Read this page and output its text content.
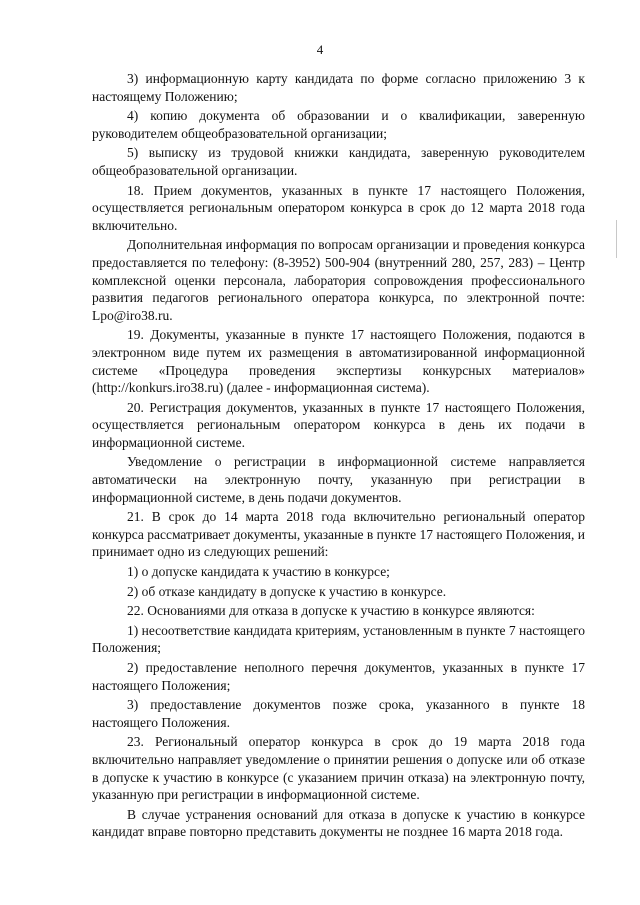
4

3) информационную карту кандидата по форме согласно приложению 3 к настоящему Положению;

4) копию документа об образовании и о квалификации, заверенную руководителем общеобразовательной организации;

5) выписку из трудовой книжки кандидата, заверенную руководителем общеобразовательной организации.

18. Прием документов, указанных в пункте 17 настоящего Положения, осуществляется региональным оператором конкурса в срок до 12 марта 2018 года включительно.

Дополнительная информация по вопросам организации и проведения конкурса предоставляется по телефону: (8-3952) 500-904 (внутренний 280, 257, 283) – Центр комплексной оценки персонала, лаборатория сопровождения профессионального развития педагогов регионального оператора конкурса, по электронной почте: Lpo@iro38.ru.

19. Документы, указанные в пункте 17 настоящего Положения, подаются в электронном виде путем их размещения в автоматизированной информационной системе «Процедура проведения экспертизы конкурсных материалов» (http://konkurs.iro38.ru) (далее - информационная система).

20. Регистрация документов, указанных в пункте 17 настоящего Положения, осуществляется региональным оператором конкурса в день их подачи в информационной системе.

Уведомление о регистрации в информационной системе направляется автоматически на электронную почту, указанную при регистрации в информационной системе, в день подачи документов.

21. В срок до 14 марта 2018 года включительно региональный оператор конкурса рассматривает документы, указанные в пункте 17 настоящего Положения, и принимает одно из следующих решений:

1) о допуске кандидата к участию в конкурсе;

2) об отказе кандидату в допуске к участию в конкурсе.

22. Основаниями для отказа в допуске к участию в конкурсе являются:

1) несоответствие кандидата критериям, установленным в пункте 7 настоящего Положения;

2) предоставление неполного перечня документов, указанных в пункте 17 настоящего Положения;

3) предоставление документов позже срока, указанного в пункте 18 настоящего Положения.

23. Региональный оператор конкурса в срок до 19 марта 2018 года включительно направляет уведомление о принятии решения о допуске или об отказе в допуске к участию в конкурсе (с указанием причин отказа) на электронную почту, указанную при регистрации в информационной системе.

В случае устранения оснований для отказа в допуске к участию в конкурсе кандидат вправе повторно представить документы не позднее 16 марта 2018 года.
